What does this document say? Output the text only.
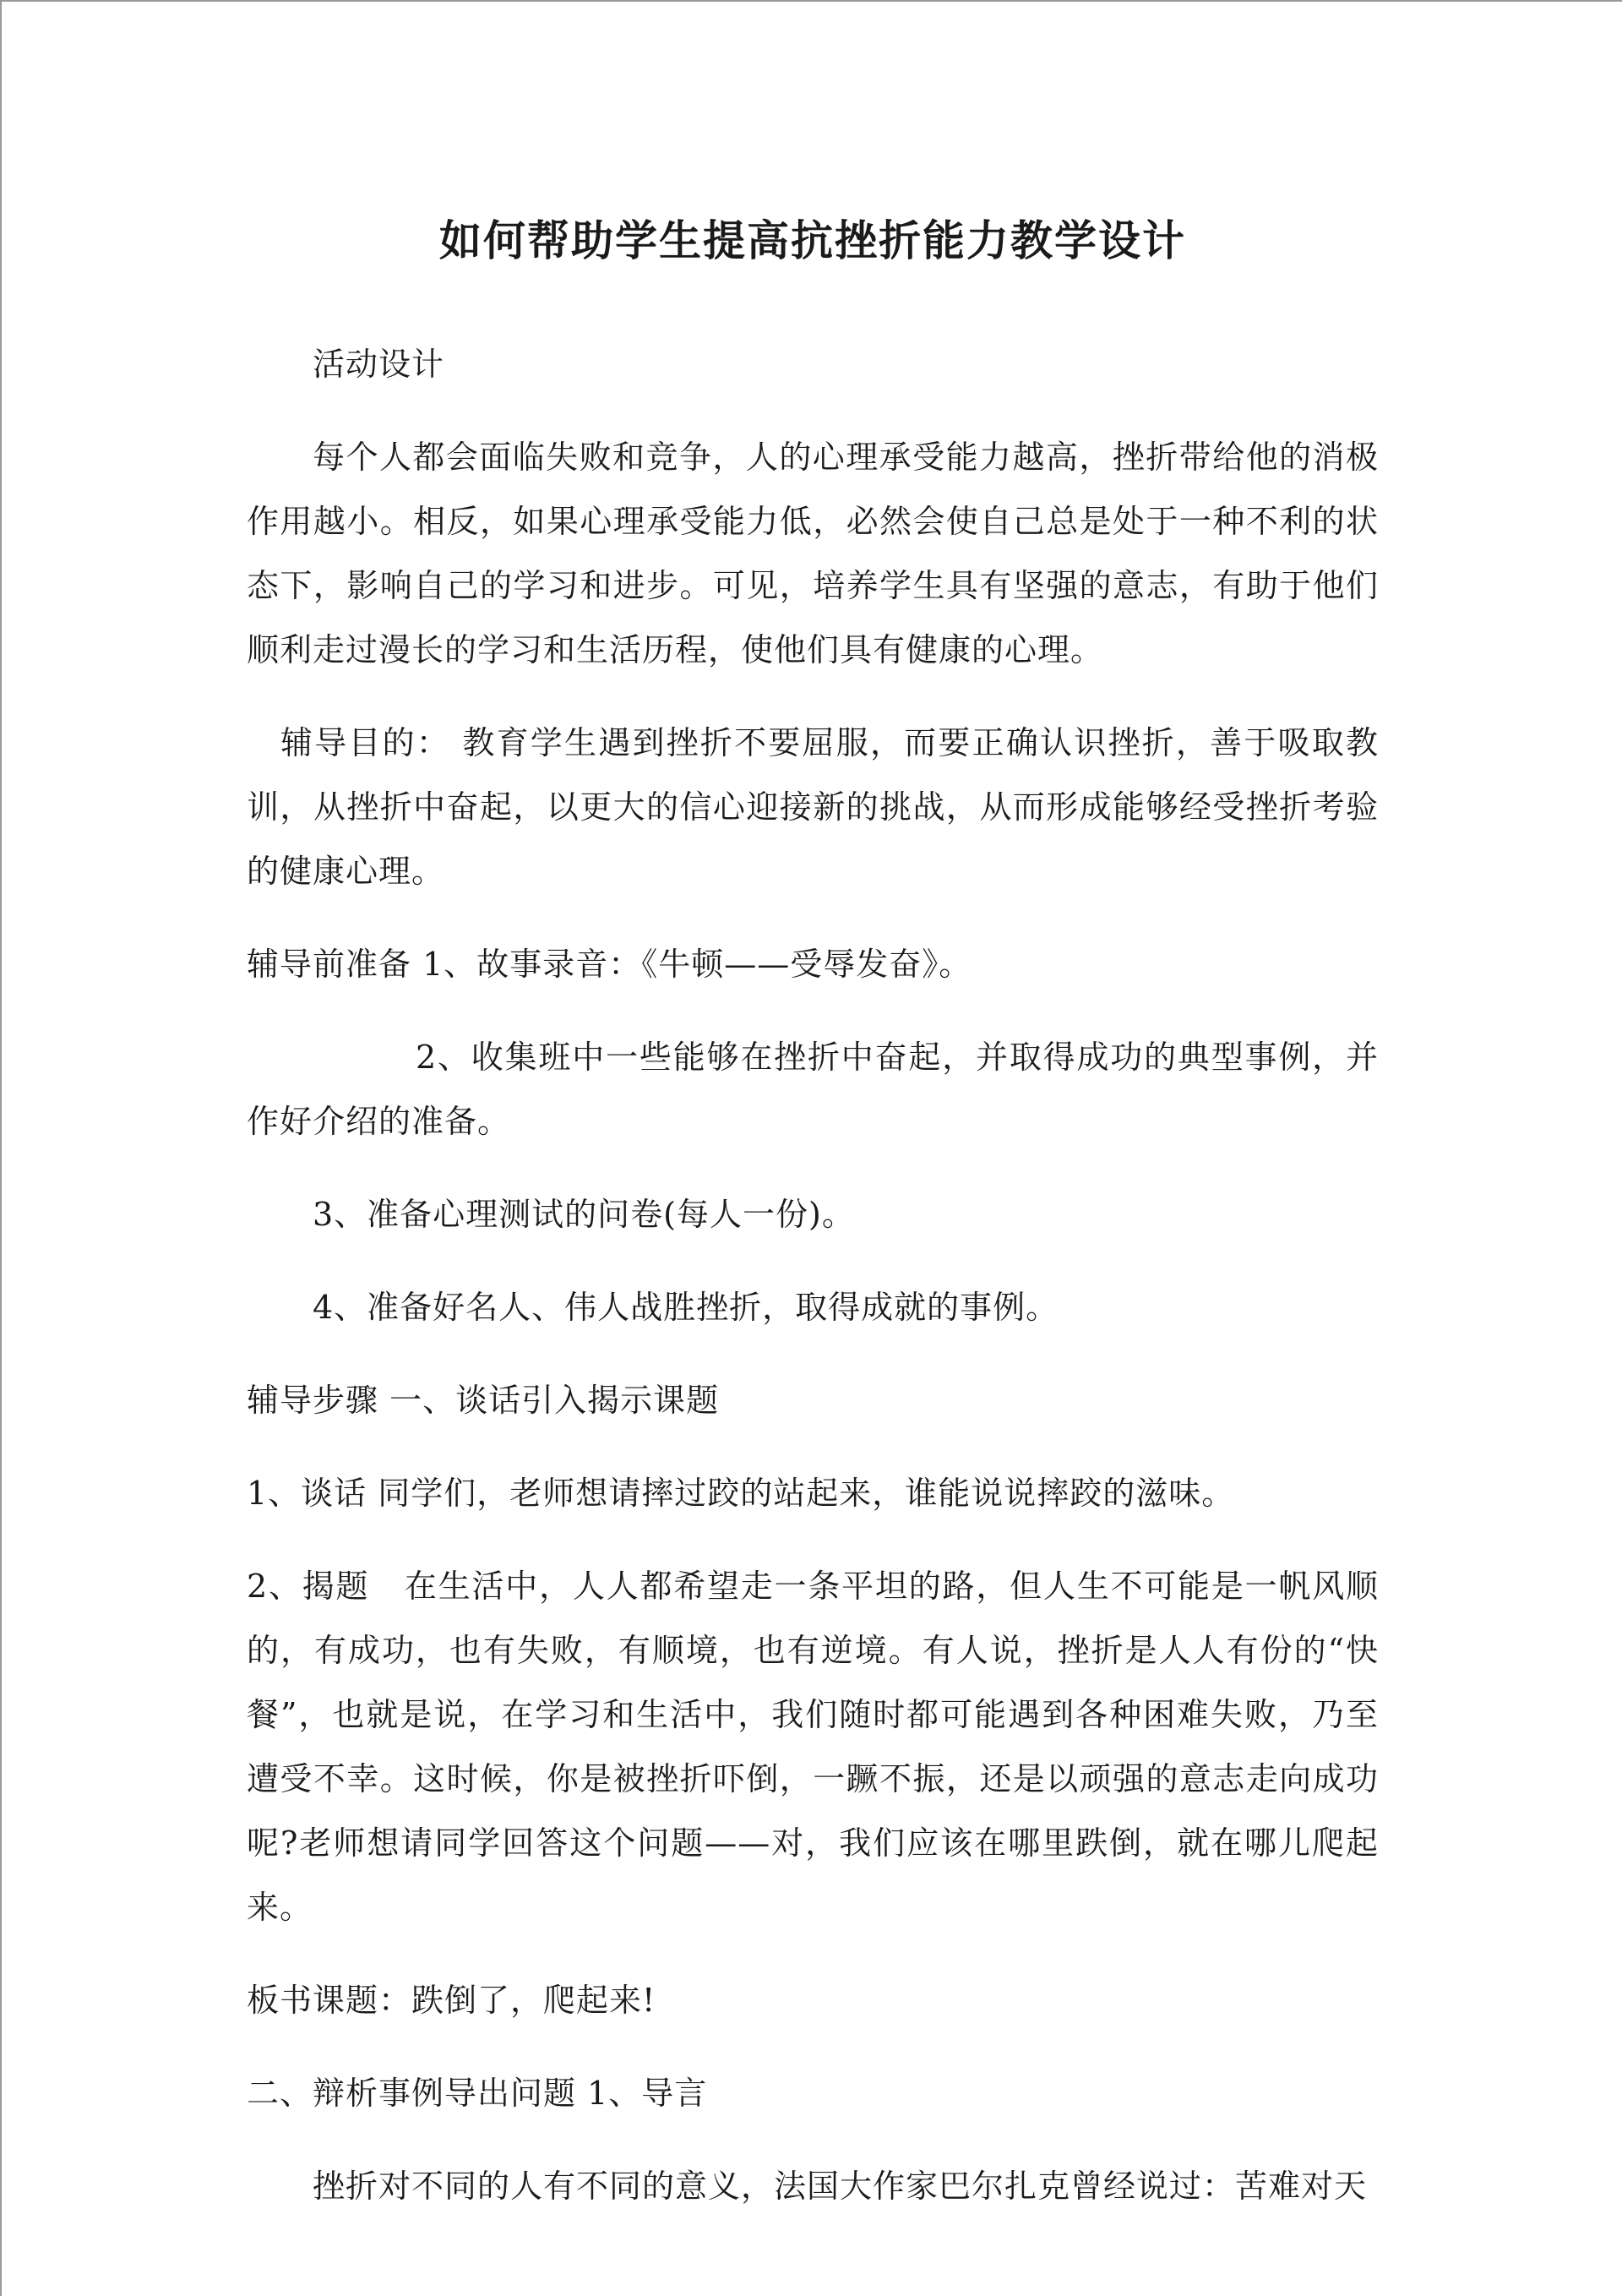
如何帮助学生提高抗挫折能力教学设计

活动设计

每个人都会面临失败和竞争，人的心理承受能力越高，挫折带给他的消极作用越小。相反，如果心理承受能力低，必然会使自己总是处于一种不利的状态下，影响自己的学习和进步。可见，培养学生具有坚强的意志，有助于他们顺利走过漫长的学习和生活历程，使他们具有健康的心理。

辅导目的： 教育学生遇到挫折不要屈服，而要正确认识挫折，善于吸取教训，从挫折中奋起，以更大的信心迎接新的挑战，从而形成能够经受挫折考验的健康心理。

辅导前准备 1、故事录音：《牛顿——受辱发奋》。

2、收集班中一些能够在挫折中奋起，并取得成功的典型事例，并作好介绍的准备。

3、准备心理测试的问卷(每人一份)。

4、准备好名人、伟人战胜挫折，取得成就的事例。

辅导步骤 一、谈话引入揭示课题

1、谈话 同学们，老师想请摔过跤的站起来，谁能说说摔跤的滋味。

2、揭题   在生活中，人人都希望走一条平坦的路，但人生不可能是一帆风顺的，有成功，也有失败，有顺境，也有逆境。有人说，挫折是人人有份的“快餐”，也就是说，在学习和生活中，我们随时都可能遇到各种困难失败，乃至遭受不幸。这时候，你是被挫折吓倒，一蹶不振，还是以顽强的意志走向成功呢?老师想请同学回答这个问题——对，我们应该在哪里跌倒，就在哪儿爬起来。

板书课题：跌倒了，爬起来!

二、辩析事例导出问题 1、导言

挫折对不同的人有不同的意义，法国大作家巴尔扎克曾经说过：苦难对天
